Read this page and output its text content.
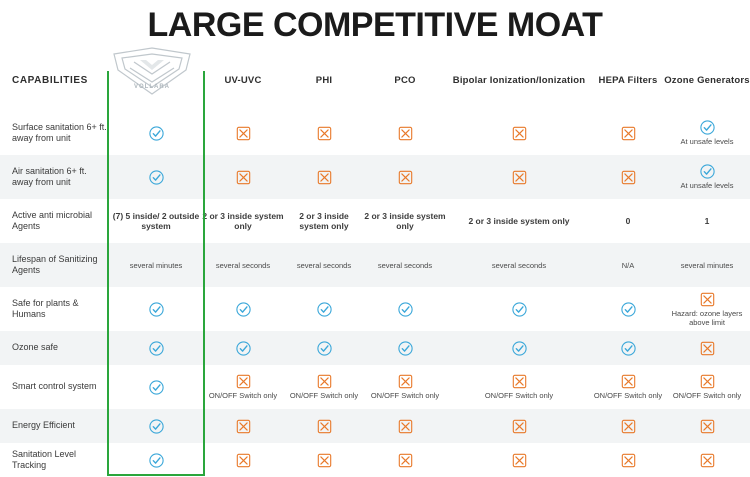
LARGE COMPETITIVE MOAT
CAPABILITIES		UV-UVC	PHI	PCO	Bipolar Ionization/Ionization	HEPA Filters	Ozone Generators
Surface sanitation 6+ ft. away from unit							At unsafe levels

Air sanitation 6+ ft. away from unit							At unsafe levels

Active anti microbial Agents	(7) 5 inside/ 2 outside system	2 or 3 inside system only	2 or 3 inside system only	2 or 3 inside system only	2 or 3 inside system only	0	1

Lifespan of Sanitizing Agents	several minutes	several seconds	several seconds	several seconds	several seconds	N/A	several minutes

Safe for plants & Humans							Hazard: ozone layers above limit

Ozone safe	

Smart control system		ON/OFF Switch only	ON/OFF Switch only	ON/OFF Switch only	ON/OFF Switch only	ON/OFF Switch only	ON/OFF Switch only

Energy Efficient	

Sanitation Level Tracking	

VOLLARA
